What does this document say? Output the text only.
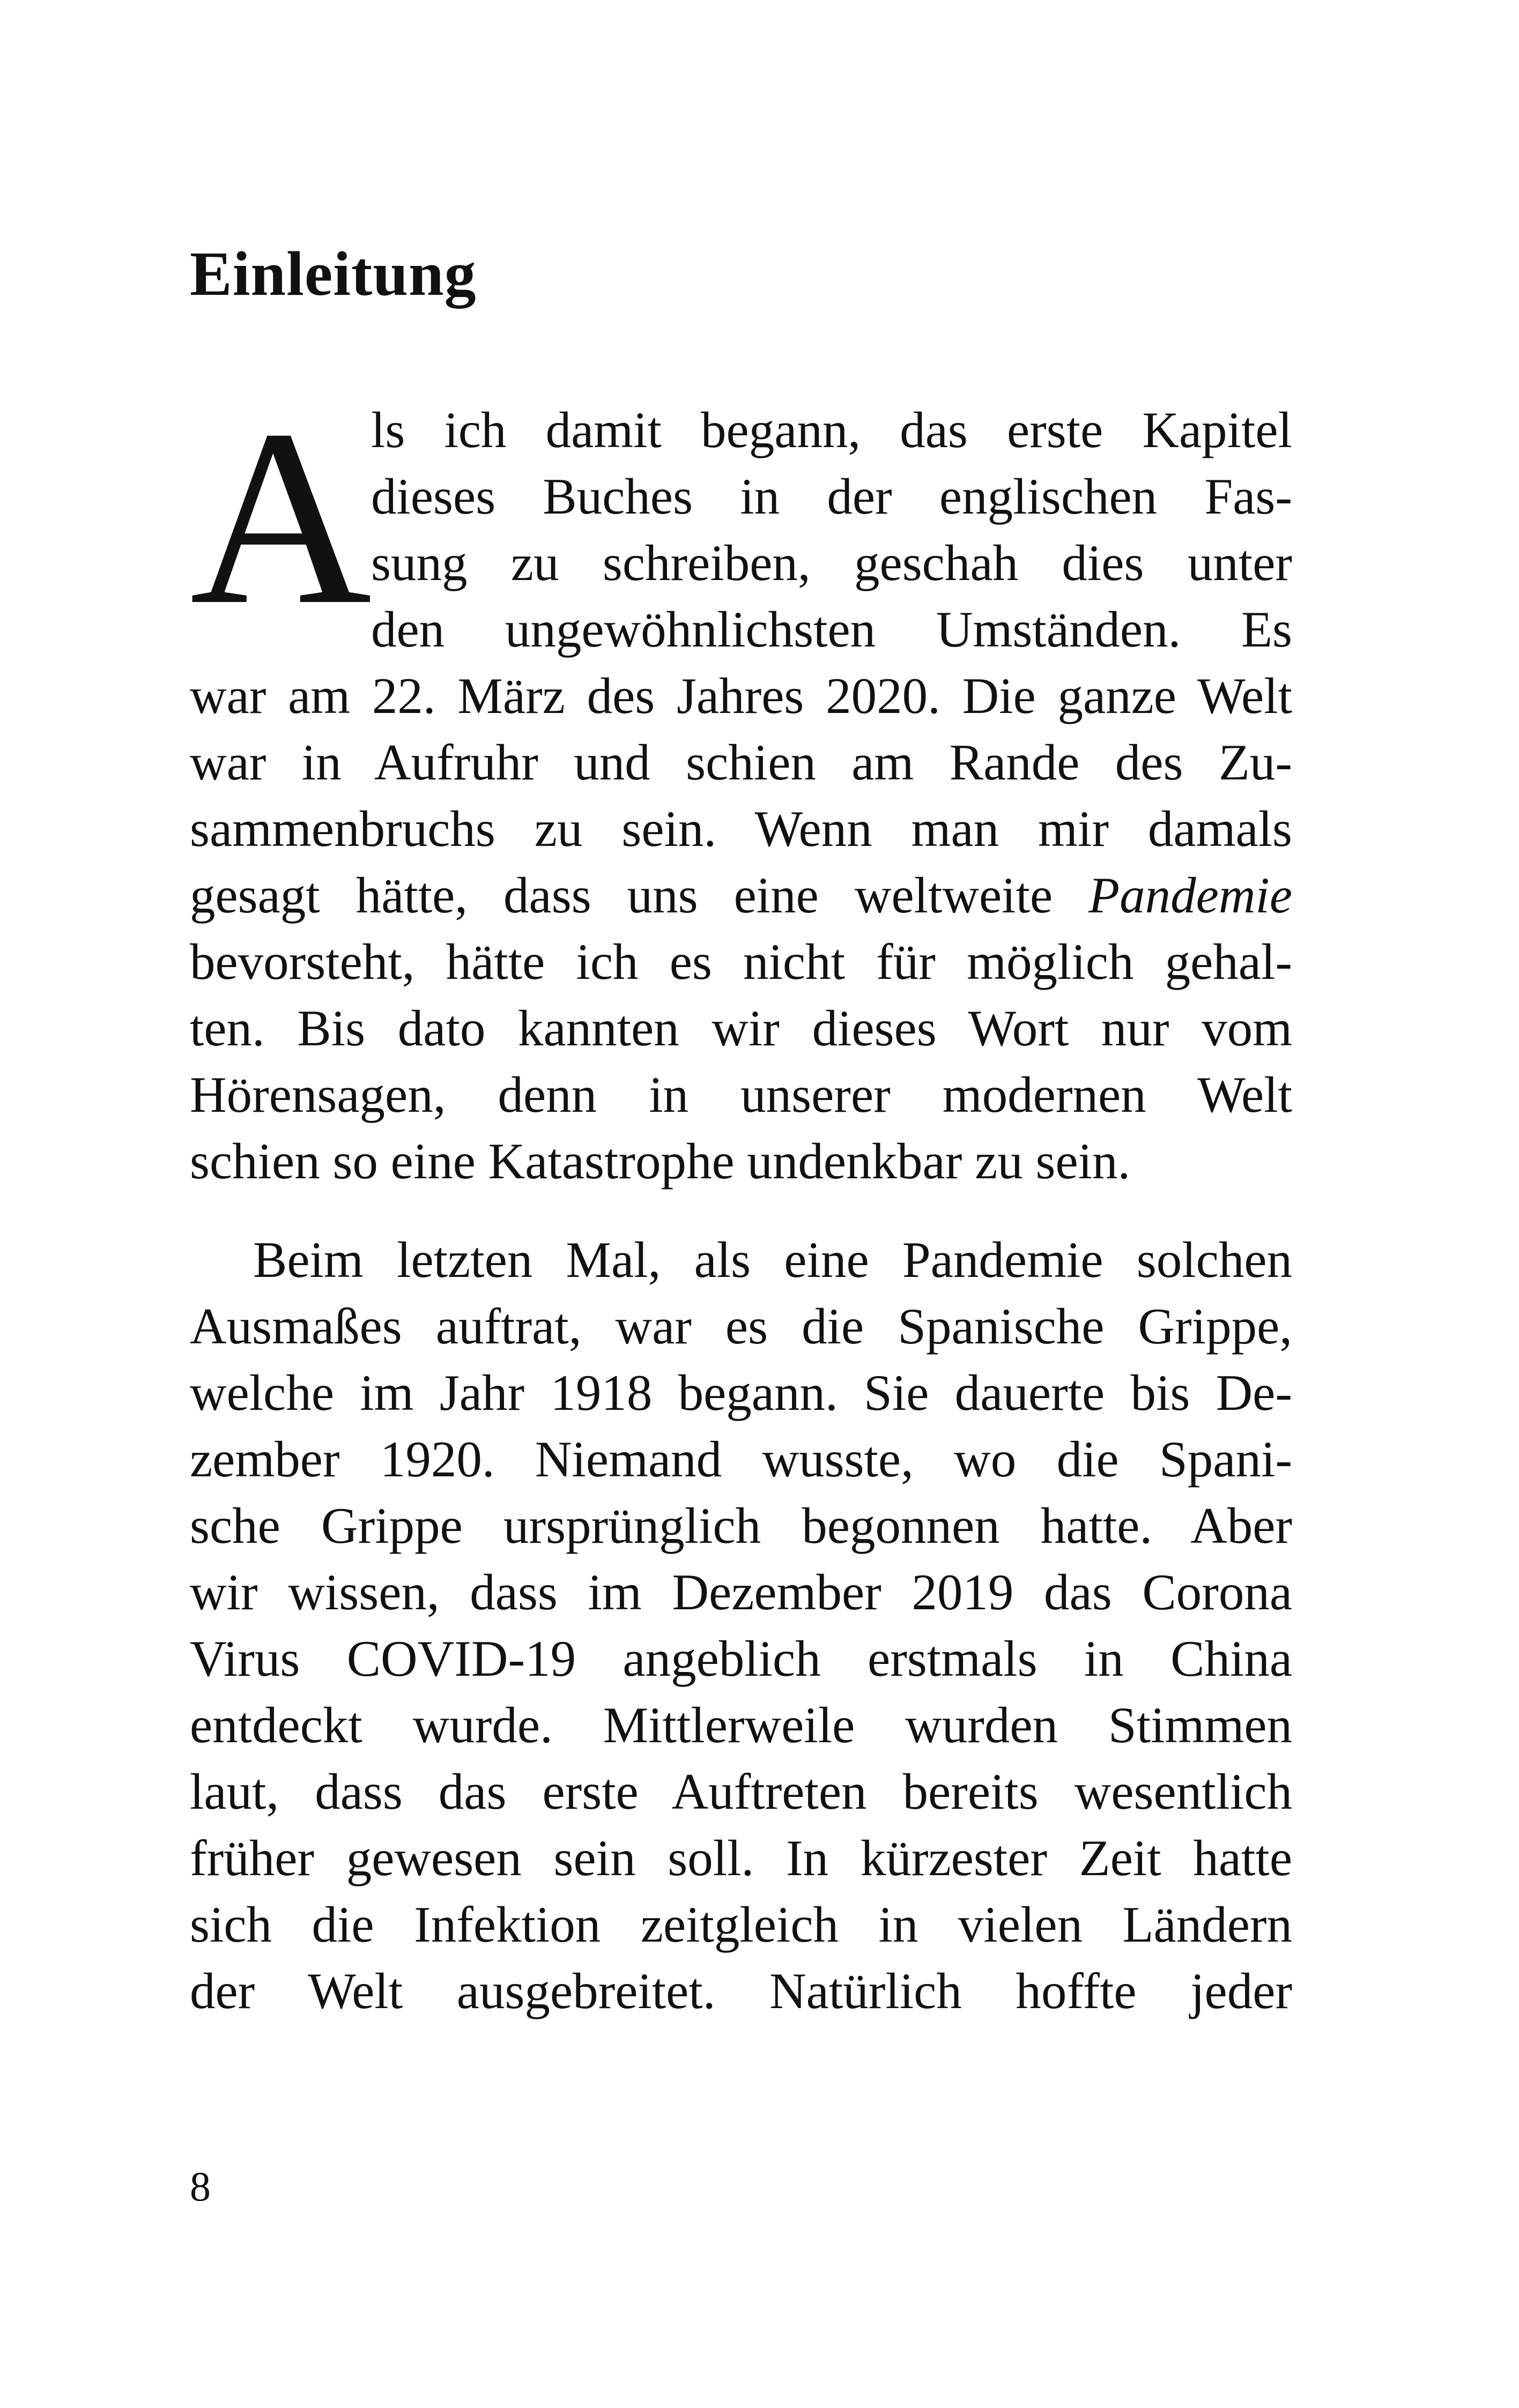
Einleitung
A
ls ich damit begann, das erste Kapitel
dieses Buches in der englischen Fas-
sung zu schreiben, geschah dies unter
den ungewöhnlichsten Umständen. Es
war am 22. März des Jahres 2020. Die ganze Welt
war in Aufruhr und schien am Rande des Zu-
sammenbruchs zu sein. Wenn man mir damals
gesagt hätte, dass uns eine weltweite Pandemie
bevorsteht, hätte ich es nicht für möglich gehal-
ten. Bis dato kannten wir dieses Wort nur vom
Hörensagen, denn in unserer modernen Welt
schien so eine Katastrophe undenkbar zu sein.
Beim letzten Mal, als eine Pandemie solchen
Ausmaßes auftrat, war es die Spanische Grippe,
welche im Jahr 1918 begann. Sie dauerte bis De-
zember 1920. Niemand wusste, wo die Spani-
sche Grippe ursprünglich begonnen hatte. Aber
wir wissen, dass im Dezember 2019 das Corona
Virus COVID-19 angeblich erstmals in China
entdeckt wurde. Mittlerweile wurden Stimmen
laut, dass das erste Auftreten bereits wesentlich
früher gewesen sein soll. In kürzester Zeit hatte
sich die Infektion zeitgleich in vielen Ländern
der Welt ausgebreitet. Natürlich hoffte jeder
8
